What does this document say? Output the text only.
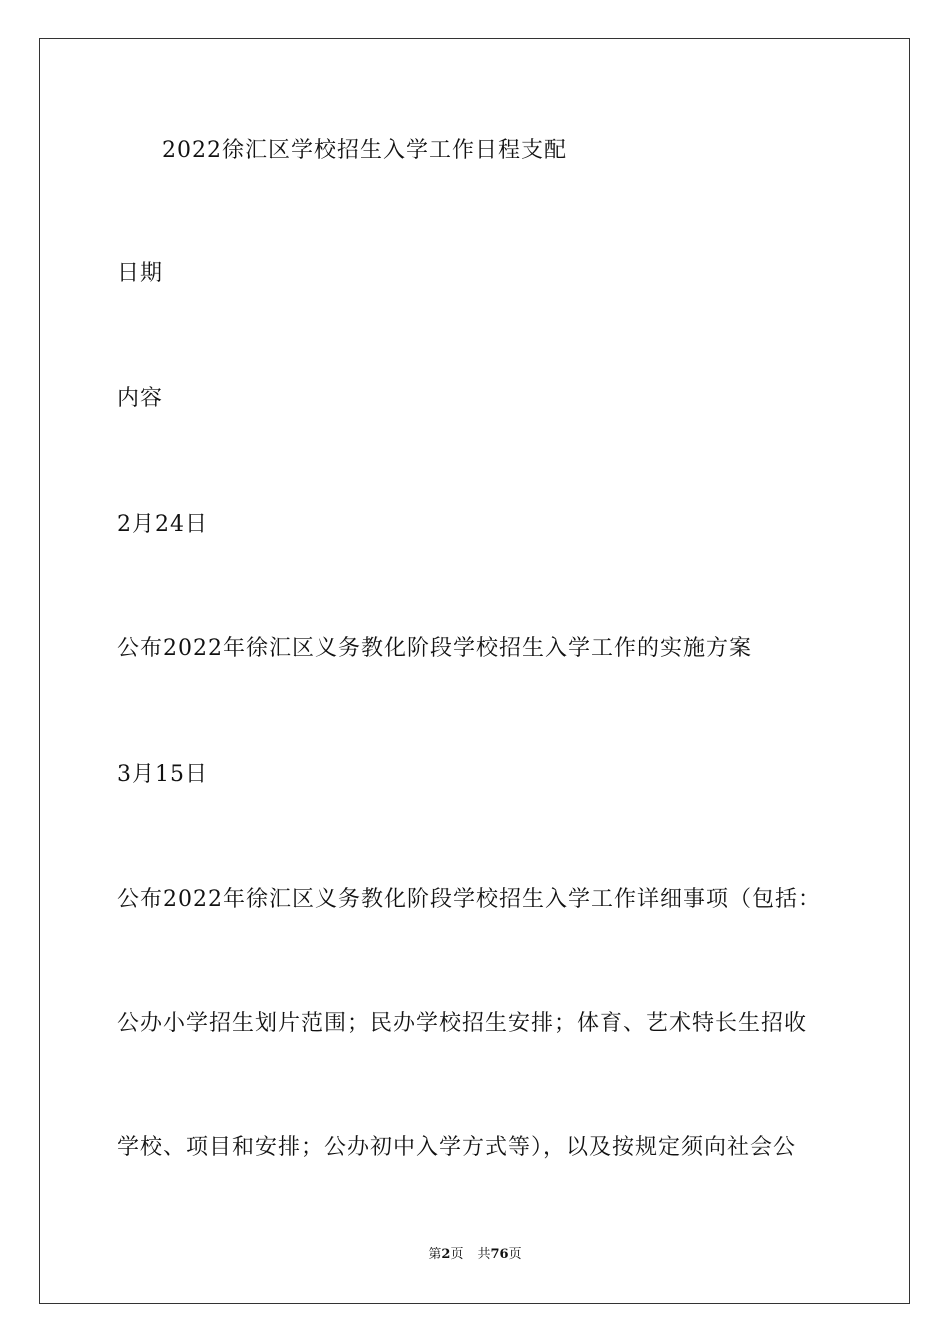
2022徐汇区学校招生入学工作日程支配
日期
内容
2月24日
公布2022年徐汇区义务教化阶段学校招生入学工作的实施方案
3月15日
公布2022年徐汇区义务教化阶段学校招生入学工作详细事项（包括：
公办小学招生划片范围；民办学校招生安排；体育、艺术特长生招收
学校、项目和安排；公办初中入学方式等），以及按规定须向社会公
第2页 共76页
